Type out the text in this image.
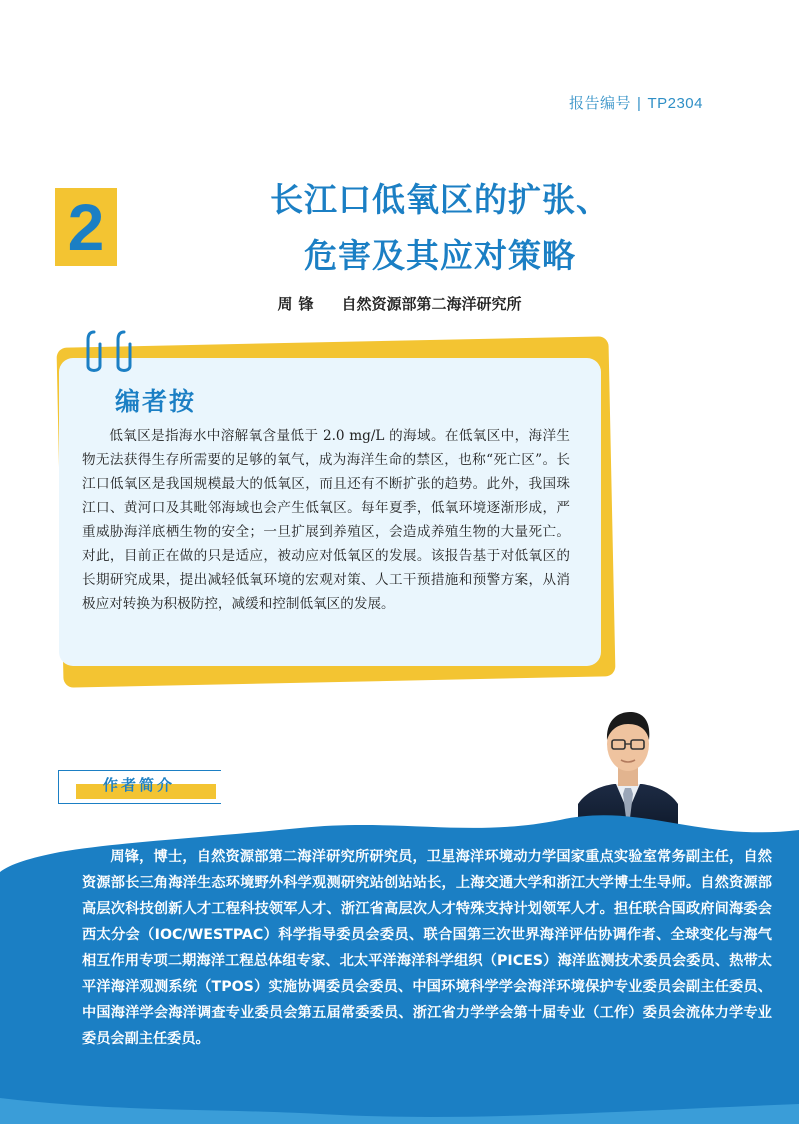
报告编号 | TP2304
2	长江口低氧区的扩张、
危害及其应对策略
周锋 自然资源部第二海洋研究所
编者按

低氧区是指海水中溶解氧含量低于 2.0 mg/L 的海域。在低氧区中，海洋生物无法获得生存所需要的足够的氧气，成为海洋生命的禁区，也称“死亡区”。长江口低氧区是我国规模最大的低氧区，而且还有不断扩张的趋势。此外，我国珠江口、黄河口及其毗邻海域也会产生低氧区。每年夏季，低氧环境逐渐形成，严重威胁海洋底栖生物的安全；一旦扩展到养殖区，会造成养殖生物的大量死亡。对此，目前正在做的只是适应，被动应对低氧区的发展。该报告基于对低氧区的长期研究成果，提出减轻低氧环境的宏观对策、人工干预措施和预警方案，从消极应对转换为积极防控，减缓和控制低氧区的发展。

作者简介

周锋，博士，自然资源部第二海洋研究所研究员，卫星海洋环境动力学国家重点实验室常务副主任，自然资源部长三角海洋生态环境野外科学观测研究站创站站长，上海交通大学和浙江大学博士生导师。自然资源部高层次科技创新人才工程科技领军人才、浙江省高层次人才特殊支持计划领军人才。担任联合国政府间海委会西太分会（IOC/WESTPAC）科学指导委员会委员、联合国第三次世界海洋评估协调作者、全球变化与海气相互作用专项二期海洋工程总体组专家、北太平洋海洋科学组织（PICES）海洋监测技术委员会委员、热带太平洋海洋观测系统（TPOS）实施协调委员会委员、中国环境科学学会海洋环境保护专业委员会副主任委员、中国海洋学会海洋调查专业委员会第五届常委委员、浙江省力学学会第十届专业（工作）委员会流体力学专业委员会副主任委员。
